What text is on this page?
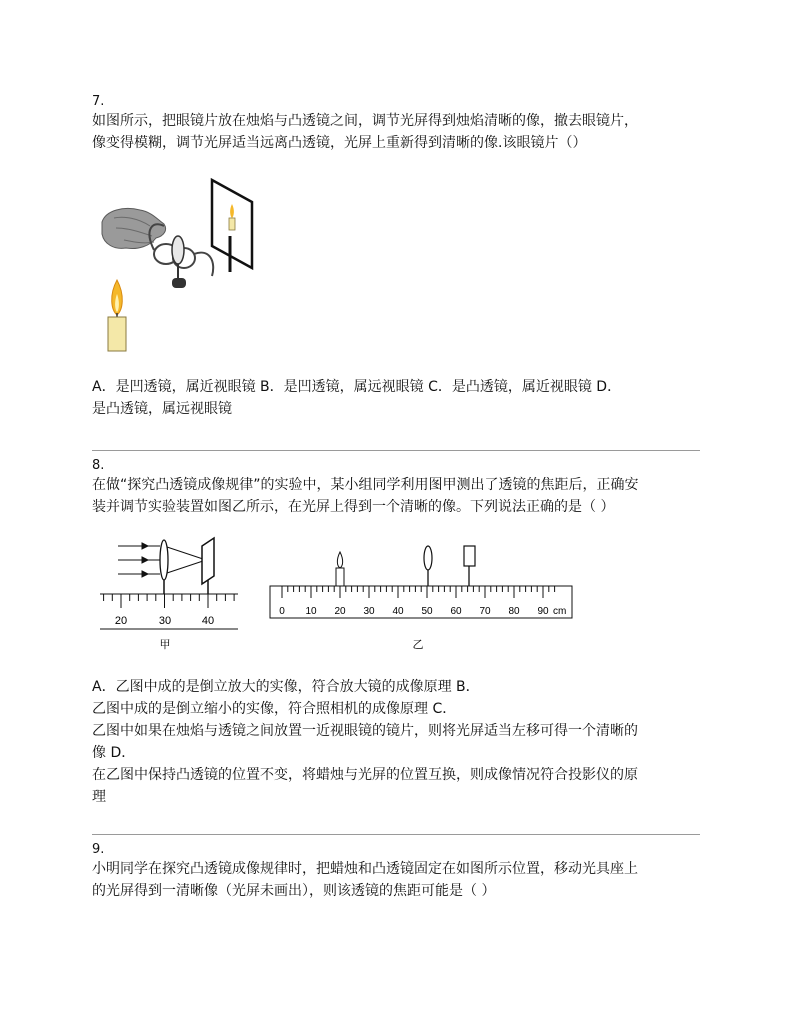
7.
如图所示，把眼镜片放在烛焰与凸透镜之间，调节光屏得到烛焰清晰的像，撤去眼镜片，
像变得模糊，调节光屏适当远离凸透镜，光屏上重新得到清晰的像.该眼镜片（）
A．是凹透镜，属近视眼镜 B．是凹透镜，属远视眼镜 C．是凸透镜，属近视眼镜 D．
是凸透镜，属远视眼镜
8.
在做“探究凸透镜成像规律”的实验中，某小组同学利用图甲测出了透镜的焦距后，正确安
装并调节实验装置如图乙所示，在光屏上得到一个清晰的像。下列说法正确的是（ ）
20	30	40
甲
0 10 20 30 40 50 60 70 80 90 cm
乙
A．乙图中成的是倒立放大的实像，符合放大镜的成像原理 B．
乙图中成的是倒立缩小的实像，符合照相机的成像原理 C．
乙图中如果在烛焰与透镜之间放置一近视眼镜的镜片，则将光屏适当左移可得一个清晰的
像 D．
在乙图中保持凸透镜的位置不变，将蜡烛与光屏的位置互换，则成像情况符合投影仪的原
理
9.
小明同学在探究凸透镜成像规律时，把蜡烛和凸透镜固定在如图所示位置，移动光具座上
的光屏得到一清晰像（光屏未画出），则该透镜的焦距可能是（ ）
